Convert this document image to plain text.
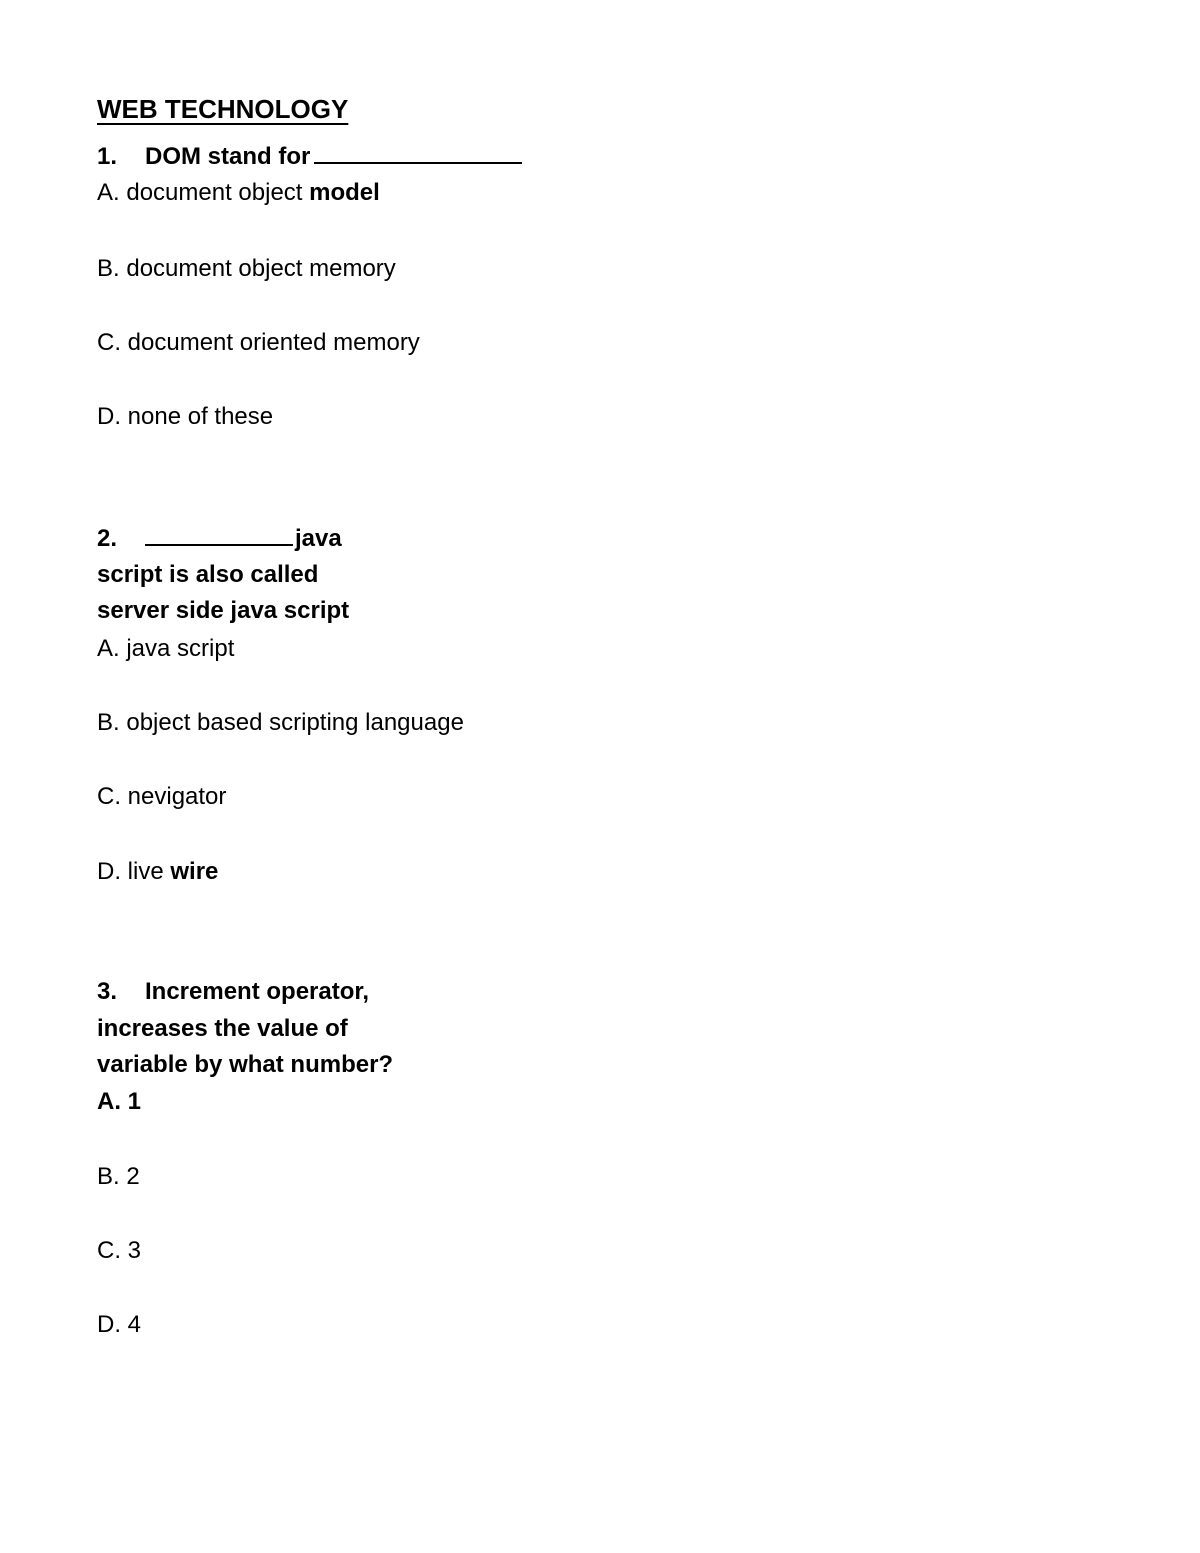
WEB TECHNOLOGY
1. DOM stand for
A. document object model
B. document object memory
C. document oriented memory
D. none of these
2.	java
script is also called
server side java script
A. java script
B. object based scripting language
C. nevigator
D. live wire
3. Increment operator,
increases the value of
variable by what number?
A. 1
B. 2
C. 3
D. 4
